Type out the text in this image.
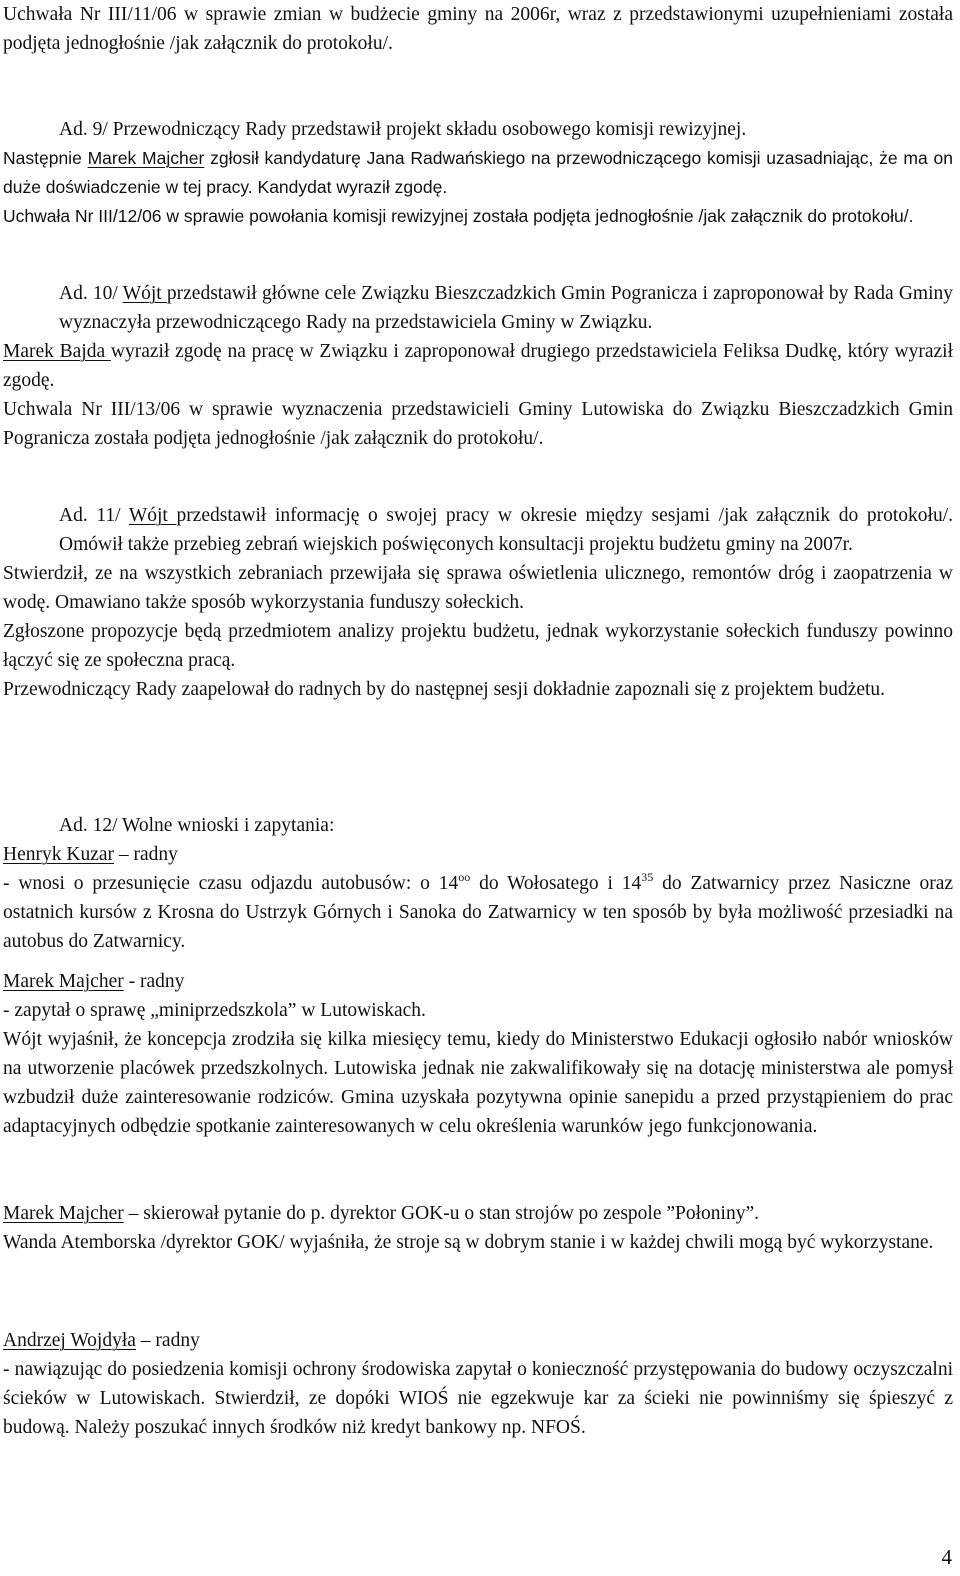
Uchwała Nr III/11/06 w sprawie zmian w budżecie gminy na 2006r, wraz z przedstawionymi uzupełnieniami została podjęta jednogłośnie /jak załącznik do protokołu/.
Ad. 9/ Przewodniczący Rady przedstawił projekt składu osobowego komisji rewizyjnej.
Następnie Marek Majcher zgłosił kandydaturę Jana Radwańskiego na przewodniczącego komisji uzasadniając, że ma on duże doświadczenie w tej pracy. Kandydat wyraził zgodę.
Uchwała Nr III/12/06 w sprawie powołania komisji rewizyjnej została podjęta jednogłośnie /jak załącznik do protokołu/.
Ad. 10/ Wójt przedstawił główne cele Związku Bieszczadzkich Gmin Pogranicza i zaproponował by Rada Gminy wyznaczyła przewodniczącego Rady na przedstawiciela Gminy w Związku.
Marek Bajda wyraził zgodę na pracę w Związku i zaproponował drugiego przedstawiciela Feliksa Dudkę, który wyraził zgodę.
Uchwala Nr III/13/06 w sprawie wyznaczenia przedstawicieli Gminy Lutowiska do Związku Bieszczadzkich Gmin Pogranicza została podjęta jednogłośnie /jak załącznik do protokołu/.
Ad. 11/ Wójt przedstawił informację o swojej pracy w okresie między sesjami /jak załącznik do protokołu/. Omówił także przebieg zebrań wiejskich poświęconych konsultacji projektu budżetu gminy na 2007r.
Stwierdził, ze na wszystkich zebraniach przewijała się sprawa oświetlenia ulicznego, remontów dróg i zaopatrzenia w wodę. Omawiano także sposób wykorzystania funduszy sołeckich.
Zgłoszone propozycje będą przedmiotem analizy projektu budżetu, jednak wykorzystanie sołeckich funduszy powinno łączyć się ze społeczna pracą.
Przewodniczący Rady zaapelował do radnych by do następnej sesji dokładnie zapoznali się z projektem budżetu.
Ad. 12/ Wolne wnioski i zapytania:
Henryk Kuzar – radny
- wnosi o przesunięcie czasu odjazdu autobusów: o $14^{oo}$ do Wołosatego i $14^{35}$ do Zatwarnicy przez Nasiczne oraz ostatnich kursów z Krosna do Ustrzyk Górnych i Sanoka do Zatwarnicy w ten sposób by była możliwość przesiadki na autobus do Zatwarnicy.
Marek Majcher - radny
- zapytał o sprawę „miniprzedszkola” w Lutowiskach.
Wójt wyjaśnił, że koncepcja zrodziła się kilka miesięcy temu, kiedy do Ministerstwo Edukacji ogłosiło nabór wniosków na utworzenie placówek przedszkolnych. Lutowiska jednak nie zakwalifikowały się na dotację ministerstwa ale pomysł wzbudził duże zainteresowanie rodziców. Gmina uzyskała pozytywna opinie sanepidu a przed przystąpieniem do prac adaptacyjnych odbędzie spotkanie zainteresowanych w celu określenia warunków jego funkcjonowania.
Marek Majcher – skierował pytanie do p. dyrektor GOK-u o stan strojów po zespole ”Połoniny”.
Wanda Atemborska /dyrektor GOK/ wyjaśniła, że stroje są w dobrym stanie i w każdej chwili mogą być wykorzystane.
Andrzej Wojdyła – radny
- nawiązując do posiedzenia komisji ochrony środowiska zapytał o konieczność przystępowania do budowy oczyszczalni ścieków w Lutowiskach. Stwierdził, ze dopóki WIOŚ nie egzekwuje kar za ścieki nie powinniśmy się śpieszyć z budową. Należy poszukać innych środków niż kredyt bankowy np. NFOŚ.
4
